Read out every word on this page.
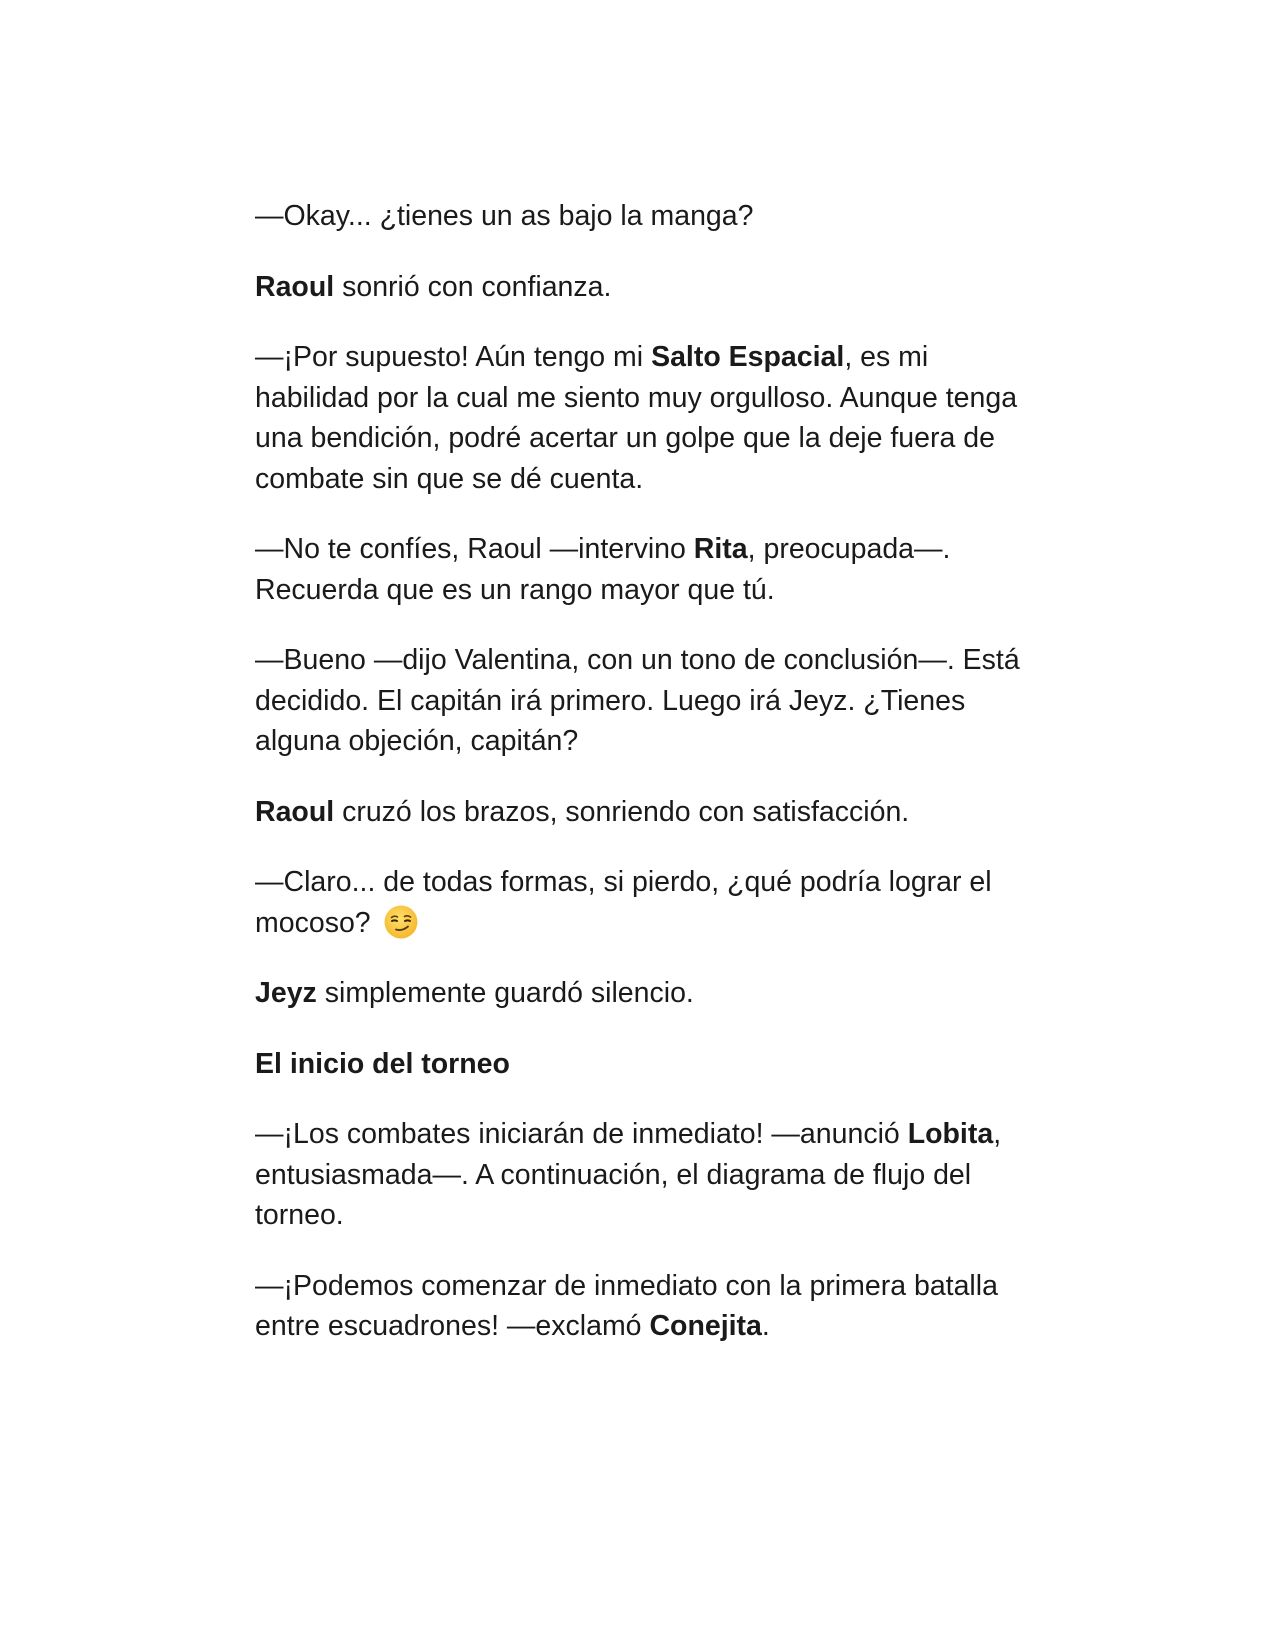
—Okay... ¿tienes un as bajo la manga?

Raoul sonrió con confianza.

—¡Por supuesto! Aún tengo mi Salto Espacial, es mi habilidad por la cual me siento muy orgulloso. Aunque tenga una bendición, podré acertar un golpe que la deje fuera de combate sin que se dé cuenta.

—No te confíes, Raoul —intervino Rita, preocupada—. Recuerda que es un rango mayor que tú.

—Bueno —dijo Valentina, con un tono de conclusión—. Está decidido. El capitán irá primero. Luego irá Jeyz. ¿Tienes alguna objeción, capitán?

Raoul cruzó los brazos, sonriendo con satisfacción.

—Claro... de todas formas, si pierdo, ¿qué podría lograr el mocoso?

Jeyz simplemente guardó silencio.

El inicio del torneo

—¡Los combates iniciarán de inmediato! —anunció Lobita, entusiasmada—. A continuación, el diagrama de flujo del torneo.

—¡Podemos comenzar de inmediato con la primera batalla entre escuadrones! —exclamó Conejita.
